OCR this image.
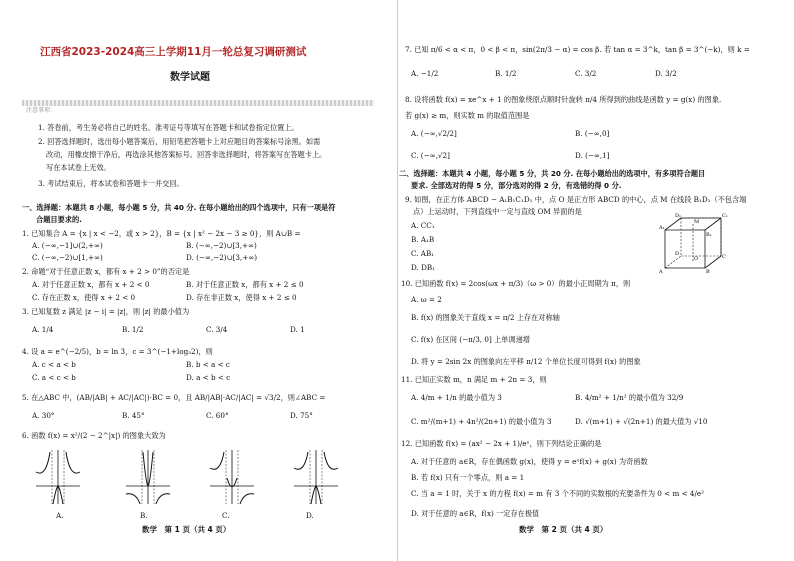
江西省2023-2024高三上学期11月一轮总复习调研测试
数学试题
注意事项：
1. 答卷前，考生务必将自己的姓名、准考证号等填写在答题卡和试卷指定位置上。
2. 回答选择题时，选出每小题答案后，用铅笔把答题卡上对应题目的答案标号涂黑。如需
改动，用橡皮擦干净后，再选涂其他答案标号。回答非选择题时，将答案写在答题卡上。
写在本试卷上无效。
3. 考试结束后，将本试卷和答题卡一并交回。
一、选择题：本题共 8 小题，每小题 5 分，共 40 分. 在每小题给出的四个选项中，只有一项是符
合题目要求的.
1. 已知集合 A = {x | x < −2，或 x > 2}，B = {x | x² − 2x − 3 ≥ 0}，则 A∪B =
A. (−∞,−1]∪(2,+∞)	B. (−∞,−2)∪[3,+∞)
C. (−∞,−2)∪[1,+∞)	D. (−∞,−2)∪[3,+∞)
2. 命题“对于任意正数 x，都有 x + 2 > 0”的否定是
A. 对于任意正数 x，都有 x + 2 < 0	B. 对于任意正数 x，都有 x + 2 ≤ 0
C. 存在正数 x，使得 x + 2 < 0	D. 存在非正数 x，使得 x + 2 ≤ 0
3. 已知复数 z 满足 |z − i| = |z|，则 |z| 的最小值为
A. 1/4	B. 1/2	C. 3/4	D. 1
4. 设 a = e^(−2/5)，b = ln 3，c = 3^(−1+log₃2)，则
A. c < a < b	B. b < a < c
C. a < c < b	D. a < b < c
5. 在△ABC 中，(AB/|AB| + AC/|AC|)·BC = 0，且 AB/|AB|·AC/|AC| = √3/2，则∠ABC =
A. 30°	B. 45°	C. 60°	D. 75°
6. 函数 f(x) = x²/(2 − 2^|x|) 的图象大致为
A.	B.	C.	D.
数学　第 1 页（共 4 页）
7. 已知 π/6 < α < π，0 < β < π，sin(2π/3 − α) = cos β. 若 tan α = 3^k，tan β = 3^(−k)，则 k =
A. −1/2	B. 1/2	C. 3/2	D. 3/2
8. 设将函数 f(x) = xe^x + 1 的图象绕原点顺时针旋转 π/4 所得到的曲线是函数 y = g(x) 的图象.
若 g(x) ≥ m，则实数 m 的取值范围是
A. (−∞,√2/2]	B. (−∞,0]
C. (−∞,√2]	D. (−∞,1]
二、选择题：本题共 4 小题，每小题 5 分，共 20 分. 在每小题给出的选项中，有多项符合题目
要求. 全部选对的得 5 分，部分选对的得 2 分，有选错的得 0 分.
9. 如图，在正方体 ABCD − A₁B₁C₁D₁ 中，点 O 是正方形 ABCD 的中心，点 M 在线段 B₁D₁（不包含端
点）上运动时，下列直线中一定与直线 OM 异面的是
A. CC₁
B. A₁B
C. AB₁
D. DB₁
D₁	C₁
A₁
B₁
M
D	C
O
A	B
10. 已知函数 f(x) = 2cos(ωx + π/3)（ω > 0）的最小正周期为 π，则
A. ω = 2
B. f(x) 的图象关于直线 x = π/2 上存在对称轴
C. f(x) 在区间 (−π/3, 0] 上单调递增
D. 将 y = 2sin 2x 的图象向左平移 π/12 个单位长度可得到 f(x) 的图象
11. 已知正实数 m，n 满足 m + 2n = 3，则
A. 4/m + 1/n 的最小值为 3	B. 4/m² + 1/n² 的最小值为 32/9
C. m²/(m+1) + 4n²/(2n+1) 的最小值为 3	D. √(m+1) + √(2n+1) 的最大值为 √10
12. 已知函数 f(x) = (ax² − 2x + 1)/eˣ，则下列结论正确的是
A. 对于任意的 a∈R，存在偶函数 g(x)，使得 y = eˣf(x) + g(x) 为奇函数
B. 若 f(x) 只有一个零点，则 a = 1
C. 当 a = 1 时，关于 x 的方程 f(x) = m 有 3 个不同的实数根的充要条件为 0 < m < 4/e²
D. 对于任意的 a∈R，f(x) 一定存在极值
数学　第 2 页（共 4 页）
